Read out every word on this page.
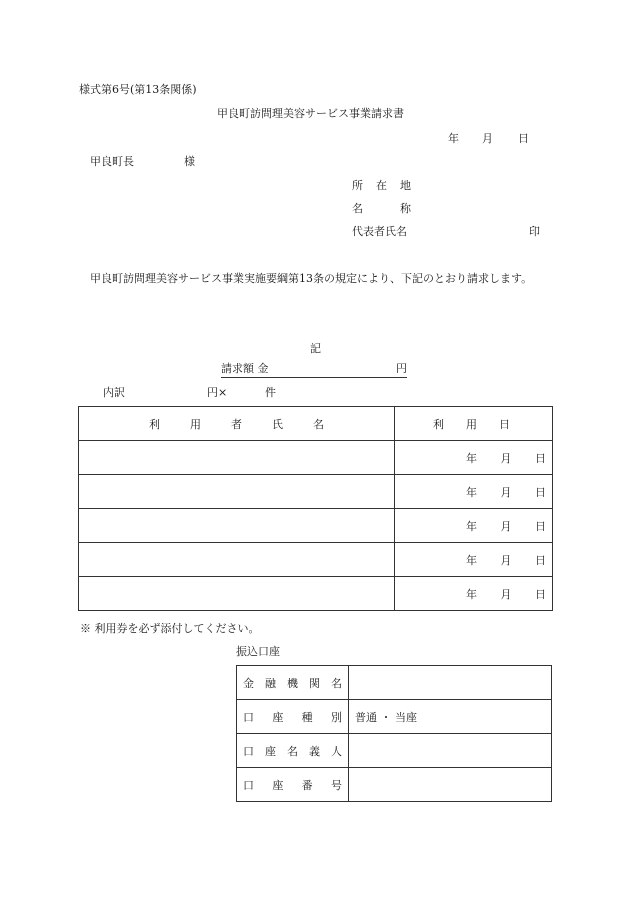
様式第6号(第13条関係)
甲良町訪問理美容サービス事業請求書
年 月 日
甲良町長	様
所 在 地
名	称
代表者氏名	印
甲良町訪問理美容サービス事業実施要綱第13条の規定により、下記のとおり請求します。
記
請求額 金	円
内訳	円×	件
利 用 者 氏 名	利 用 日

	年 月 日

	年 月 日

	年 月 日

	年 月 日

	年 月 日
※ 利用券を必ず添付してください。
振込口座
金 融 機 関 名	

口 座 種 別	普通 ・ 当座

口 座 名 義 人	

口 座 番 号	
